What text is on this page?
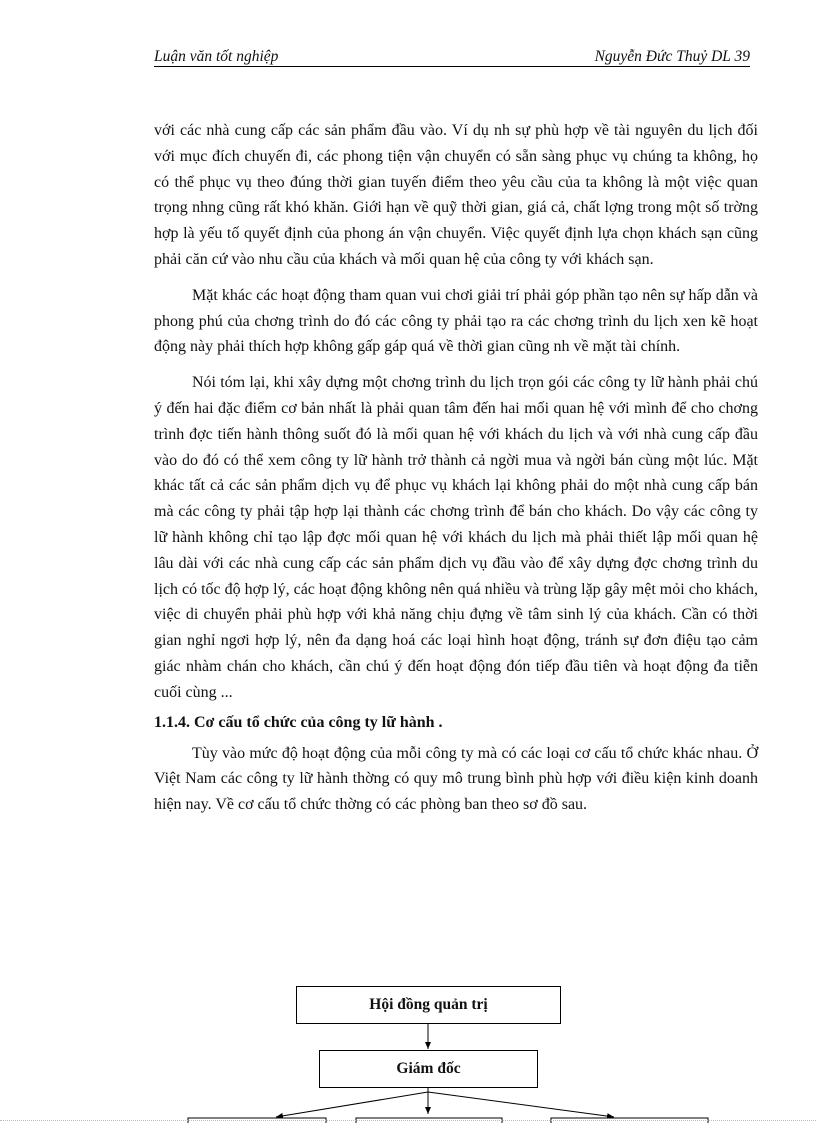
Luận văn tốt nghiệp	Nguyễn Đức Thuỷ DL 39

với các nhà cung cấp các sản phẩm đầu vào. Ví dụ nh sự phù hợp về tài nguyên du lịch đối với mục đích chuyến đi, các phong tiện vận chuyển có sẵn sàng phục vụ chúng ta không, họ có thể phục vụ theo đúng thời gian tuyến điểm theo yêu cầu của ta không là một việc quan trọng nhng cũng rất khó khăn. Giới hạn về quỹ thời gian, giá cả, chất lợng trong một số trờng hợp là yếu tố quyết định của phong án vận chuyển. Việc quyết định lựa chọn khách sạn cũng phải căn cứ vào nhu cầu của khách và mối quan hệ của công ty với khách sạn.

Mặt khác các hoạt động tham quan vui chơi giải trí phải góp phần tạo nên sự hấp dẫn và phong phú của chơng trình do đó các công ty phải tạo ra các chơng trình du lịch xen kẽ hoạt động này phải thích hợp không gấp gáp quá về thời gian cũng nh về mặt tài chính.

Nói tóm lại, khi xây dựng một chơng trình du lịch trọn gói các công ty lữ hành phải chú ý đến hai đặc điểm cơ bản nhất là phải quan tâm đến hai mối quan hệ với mình để cho chơng trình đợc tiến hành thông suốt đó là mối quan hệ với khách du lịch và với nhà cung cấp đầu vào do đó có thể xem công ty lữ hành trở thành cả ngời mua và ngời bán cùng một lúc. Mặt khác tất cả các sản phẩm dịch vụ để phục vụ khách lại không phải do một nhà cung cấp bán mà các công ty phải tập hợp lại thành các chơng trình để bán cho khách. Do vậy các công ty lữ hành không chỉ tạo lập đợc mối quan hệ với khách du lịch mà phải thiết lập mối quan hệ lâu dài với các nhà cung cấp các sản phẩm dịch vụ đầu vào để xây dựng đợc chơng trình du lịch có tốc độ hợp lý, các hoạt động không nên quá nhiều và trùng lặp gây mệt mỏi cho khách, việc di chuyển phải phù hợp với khả năng chịu đựng về tâm sinh lý của khách. Cần có thời gian nghỉ ngơi hợp lý, nên đa dạng hoá các loại hình hoạt động, tránh sự đơn điệu tạo cảm giác nhàm chán cho khách, cần chú ý đến hoạt động đón tiếp đầu tiên và hoạt động đa tiễn cuối cùng ...

1.1.4. Cơ cấu tổ chức của công ty lữ hành .

Tùy vào mức độ hoạt động của mỗi công ty mà có các loại cơ cấu tổ chức khác nhau. Ở Việt Nam các công ty lữ hành thờng có quy mô trung bình phù hợp với điều kiện kinh doanh hiện nay. Về cơ cấu tổ chức thờng có các phòng ban theo sơ đồ sau.

Hội đồng quản trị
Giám đốc
